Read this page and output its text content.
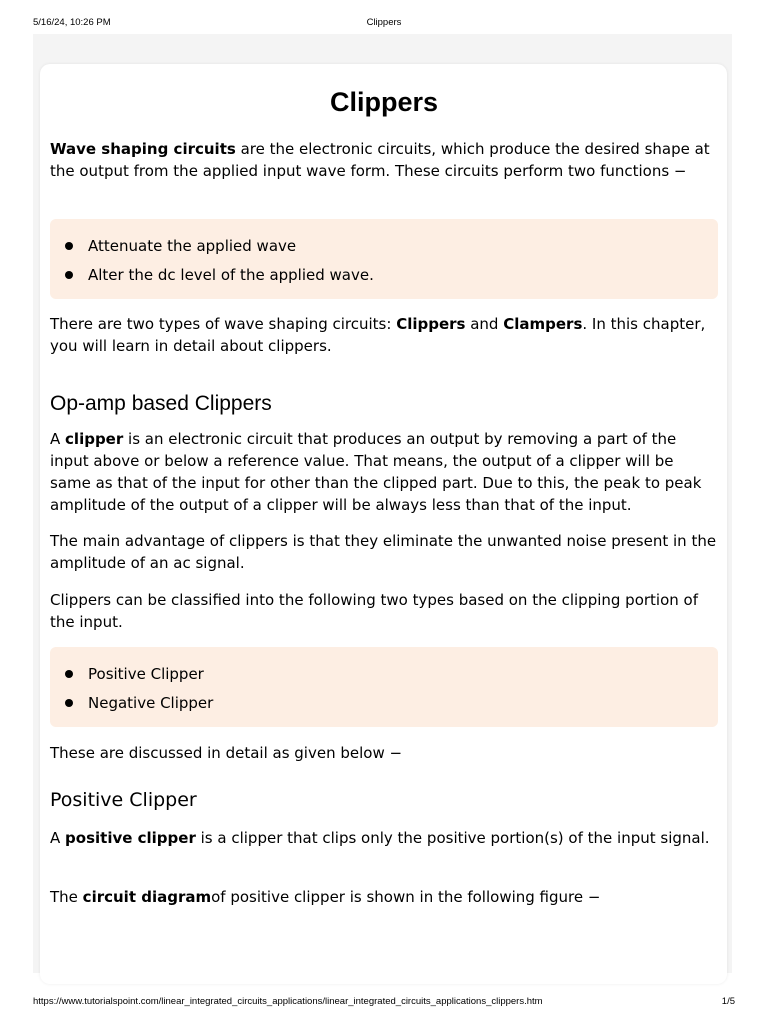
5/16/24, 10:26 PM	Clippers
Clippers

Wave shaping circuits are the electronic circuits, which produce the desired shape at the output from the applied input wave form. These circuits perform two functions −

Attenuate the applied wave
Alter the dc level of the applied wave.

There are two types of wave shaping circuits: Clippers and Clampers. In this chapter, you will learn in detail about clippers.

Op-amp based Clippers

A clipper is an electronic circuit that produces an output by removing a part of the input above or below a reference value. That means, the output of a clipper will be same as that of the input for other than the clipped part. Due to this, the peak to peak amplitude of the output of a clipper will be always less than that of the input.

The main advantage of clippers is that they eliminate the unwanted noise present in the amplitude of an ac signal.

Clippers can be classified into the following two types based on the clipping portion of the input.

Positive Clipper
Negative Clipper

These are discussed in detail as given below −

Positive Clipper

A positive clipper is a clipper that clips only the positive portion(s) of the input signal.

The circuit diagramof positive clipper is shown in the following figure −

https://www.tutorialspoint.com/linear_integrated_circuits_applications/linear_integrated_circuits_applications_clippers.htm	1/5
